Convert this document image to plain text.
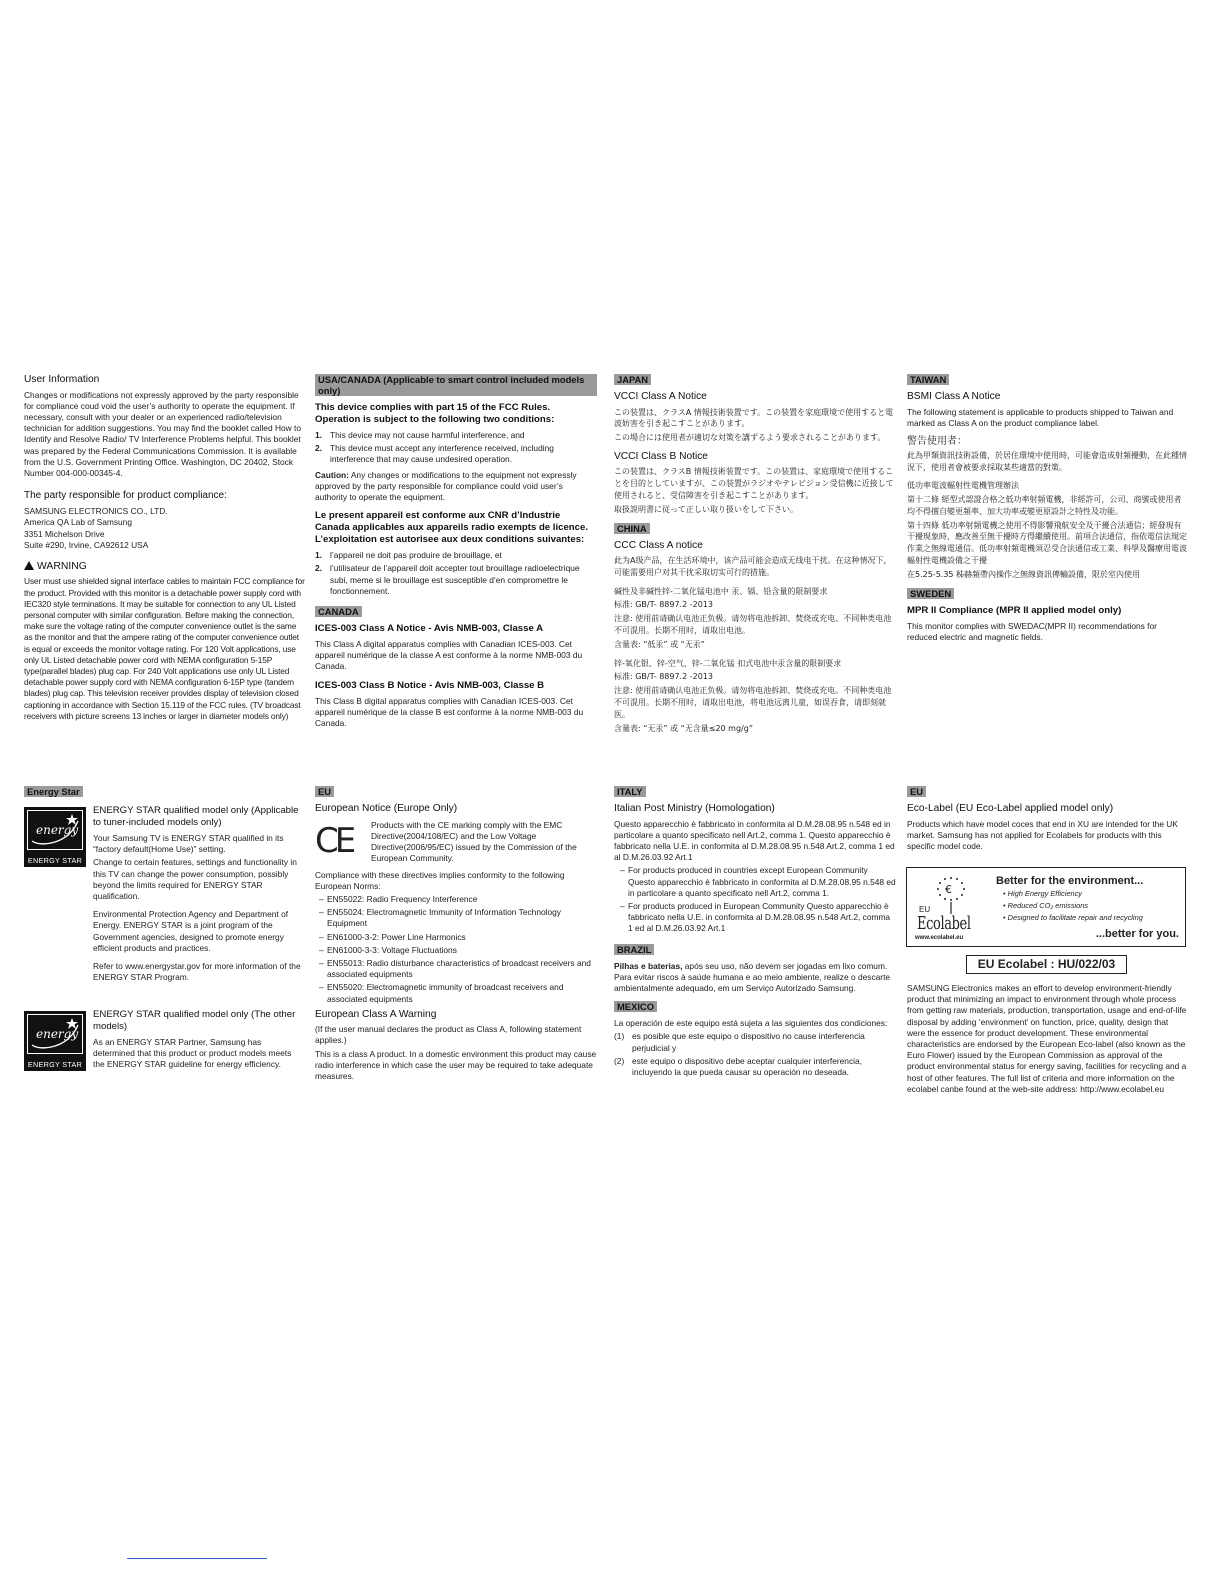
User Information

Changes or modifications not expressly approved by the party responsible for compliance coud void the user’s authority to operate the equipment. If necessary, consult with your dealer or an experienced radio/television technician for addition suggestions. You may find the booklet called How to Identify and Resolve Radio/ TV Interference Problems helpful. This booklet was prepared by the Federal Communications Commission. It is available from the U.S. Government Printing Office. Washington, DC 20402, Stock Number 004-000-00345-4.

The party responsible for product compliance:
SAMSUNG ELECTRONICS CO., LTD.
America QA Lab of Samsung
3351 Michelson Drive
Suite #290, Irvine, CA92612 USA
WARNING

User must use shielded signal interface cables to maintain FCC compliance for the product. Provided with this monitor is a detachable power supply cord with IEC320 style terminations. It may be suitable for connection to any UL Listed personal computer with similar configuration. Before making the connection, make sure the voltage rating of the computer convenience outlet is the same as the monitor and that the ampere rating of the computer convenience outlet is equal or exceeds the monitor voltage rating. For 120 Volt applications, use only UL Listed detachable power cord with NEMA configuration 5-15P type(parallel blades) plug cap. For 240 Volt applications use only UL Listed detachable power supply cord with NEMA configuration 6-15P type (tandem blades) plug cap. This television receiver provides display of television closed captioning in accordance with Section 15.119 of the FCC rules. (TV broadcast receivers with picture screens 13 inches or larger in diameter models only)

Energy Star
energy
ENERGY STAR
ENERGY STAR qualified model only (Applicable to tuner-included models only)

Your Samsung TV is ENERGY STAR qualified in its “factory default(Home Use)” setting.

Change to certain features, settings and functionality in this TV can change the power consumption, possibly beyond the limits required for ENERGY STAR qualification.

Environmental Protection Agency and Department of Energy. ENERGY STAR is a joint program of the Government agencies, designed to promote energy efficient products and practices.

Refer to www.energystar.gov for more information of the ENERGY STAR Program.

energy
ENERGY STAR
ENERGY STAR qualified model only (The other models)

As an ENERGY STAR Partner, Samsung has determined that this product or product models meets the ENERGY STAR guideline for energy efficiency.

USA/CANADA (Applicable to smart control included models only)
This device complies with part 15 of the FCC Rules. Operation is subject to the following two conditions:
1. This device may not cause harmful interference, and
2. This device must accept any interference received, including interference that may cause undesired operation.

Caution: Any changes or modifications to the equipment not expressly approved by the party responsible for compliance could void user’s authority to operate the equipment.

Le present appareil est conforme aux CNR d’Industrie Canada applicables aux appareils radio exempts de licence. L’exploitation est autorisee aux deux conditions suivantes:
1. l’appareil ne doit pas produire de brouillage, et
2. l’utilisateur de l’appareil doit accepter tout brouillage radioelectrique subi, meme si le brouillage est susceptible d’en compromettre le fonctionnement.
CANADA
ICES-003 Class A Notice - Avis NMB-003, Classe A

This Class A digital apparatus complies with Canadian ICES-003. Cet appareil numérique de la classe A est conforme à la norme NMB-003 du Canada.

ICES-003 Class B Notice - Avis NMB-003, Classe B

This Class B digital apparatus complies with Canadian ICES-003. Cet appareil numérique de la classe B est conforme à la norme NMB-003 du Canada.

EU
European Notice (Europe Only)
CE Products with the CE marking comply with the EMC Directive(2004/108/EC) and the Low Voltage Directive(2006/95/EC) issued by the Commission of the European Community.

Compliance with these directives implies conformity to the following European Norms:

– EN55022: Radio Frequency Interference
– EN55024: Electromagnetic Immunity of Information Technology Equipment
– EN61000-3-2: Power Line Harmonics
– EN61000-3-3: Voltage Fluctuations
– EN55013: Radio disturbance characteristics of broadcast receivers and associated equipments
– EN55020: Electromagnetic immunity of broadcast receivers and associated equipments
European Class A Warning

(If the user manual declares the product as Class A, following statement applies.)

This is a class A product. In a domestic environment this product may cause radio interference in which case the user may be required to take adequate measures.

JAPAN
VCCI Class A Notice

この装置は、クラスA 情報技術装置です。この装置を家庭環境で使用すると電波妨害を引き起こすことがあります。

この場合には使用者が適切な対策を講ずるよう要求されることがあります。

VCCI Class B Notice

この装置は、クラスB 情報技術装置です。この装置は、家庭環境で使用することを目的としていますが、この装置がラジオやテレビジョン受信機に近接して 使用されると、受信障害を引き起こすことがあります。

取扱説明書に従って正しい取り扱いをして下さい。

CHINA
CCC Class A notice

此为A级产品，在生活环境中，该产品可能会造成无线电干扰。在这种情况下，可能需要用户对其干扰采取切实可行的措施。

碱性及非碱性锌-二氧化锰电池中 汞、镉、铅含量的限制要求

标准: GB/T- 8897.2 -2013

注意: 使用前请确认电池正负极。请勿将电池拆卸、焚烧或充电、不同种类电池不可混用。长期不用时，请取出电池。

含量表: “低汞” 或 “无汞”

锌-氧化银、锌-空气、锌-二氧化锰 扣式电池中汞含量的限制要求

标准: GB/T- 8897.2 -2013

注意: 使用前请确认电池正负极。请勿将电池拆卸、焚烧或充电。不同种类电池不可混用。长期不用时，请取出电池，将电池远离儿童，如误吞食，请即刻就医。

含量表: “无汞” 或 “无含量≤20 mg/g”

ITALY
Italian Post Ministry (Homologation)

Questo apparecchio è fabbricato in conformita al D.M.28.08.95 n.548 ed in particolare a quanto specificato nell Art.2, comma 1. Questo apparecchio è fabbricato nella U.E. in conformita al D.M.28.08.95 n.548 Art.2, comma 1 ed al D.M.26.03.92 Art.1

– For products produced in countries except European Community Questo apparecchio è fabbricato in conformita al D.M.28.08.95 n.548 ed in particolare a quanto specificato nell Art.2, comma 1.
– For products produced in European Community Questo apparecchio è fabbricato nella U.E. in conformita al D.M.28.08.95 n.548 Art.2, comma 1 ed al D.M.26.03.92 Art.1
BRAZIL

Pilhas e baterias, após seu uso, não devem ser jogadas em lixo comum. Para evitar riscos à saúde humana e ao meio ambiente, realize o descarte ambientalmente adequado, em um Serviço Autorizado Samsung.

MEXICO

La operación de este equipo está sujeta a las siguientes dos condiciones:

(1) es posible que este equipo o dispositivo no cause interferencia perjudicial y
(2) este equipo o dispositivo debe aceptar cualquier interferencia, incluyendo la que pueda causar su operación no deseada.
TAIWAN
BSMI Class A Notice

The following statement is applicable to products shipped to Taiwan and marked as Class A on the product compliance label.

警告使用者：

此為甲類資訊技術設備，於居住環境中使用時，可能會造成射頻擾動，在此種情況下，使用者會被要求採取某些適當的對策。

低功率電波輻射性電機管理辦法

第十二條 經型式認證合格之低功率射頻電機，非經許可，公司、商號或使用者均不得擅自變更頻率、加大功率或變更原設計之特性及功能。

第十四條 低功率射頻電機之使用不得影響飛航安全及干擾合法通信；經發現有干擾現象時，應改善至無干擾時方得繼續使用。前項合法通信，指依電信法規定作業之無線電通信。低功率射頻電機須忍受合法通信或工業、科學及醫療用電波輻射性電機設備之干擾

在5.25-5.35 秭赫頻帶內操作之無線資訊傳輸設備，限於室內使用

SWEDEN
MPR II Compliance (MPR II applied model only)

This monitor complies with SWEDAC(MPR II) recommendations for reduced electric and magnetic fields.

EU
Eco-Label (EU Eco-Label applied model only)

Products which have model coces that end in XU are intended for the UK market. Samsung has not applied for Ecolabels for products with this specific model code.

€
EU
Ecolabel
www.ecolabel.eu
Better for the environment...
• High Energy Efficiency
• Reduced CO₂ emissions
• Designed to facilitate repair and recycling
...better for you.
EU Ecolabel : HU/022/03

SAMSUNG Electronics makes an effort to develop environment-friendly product that minimizing an impact to environment through whole process from getting raw materials, production, transportation, usage and end-of-life disposal by adding ‘environment’ on function, price, quality, design that were the essence for product development. These environmental characteristics are endorsed by the European Eco-label (also known as the Euro Flower) issued by the European Commission as approval of the product environmental status for energy saving, facilities for recycling and a host of other features. The full list of criteria and more information on the ecolabel canbe found at the web-site address: http://www.ecolabel.eu
